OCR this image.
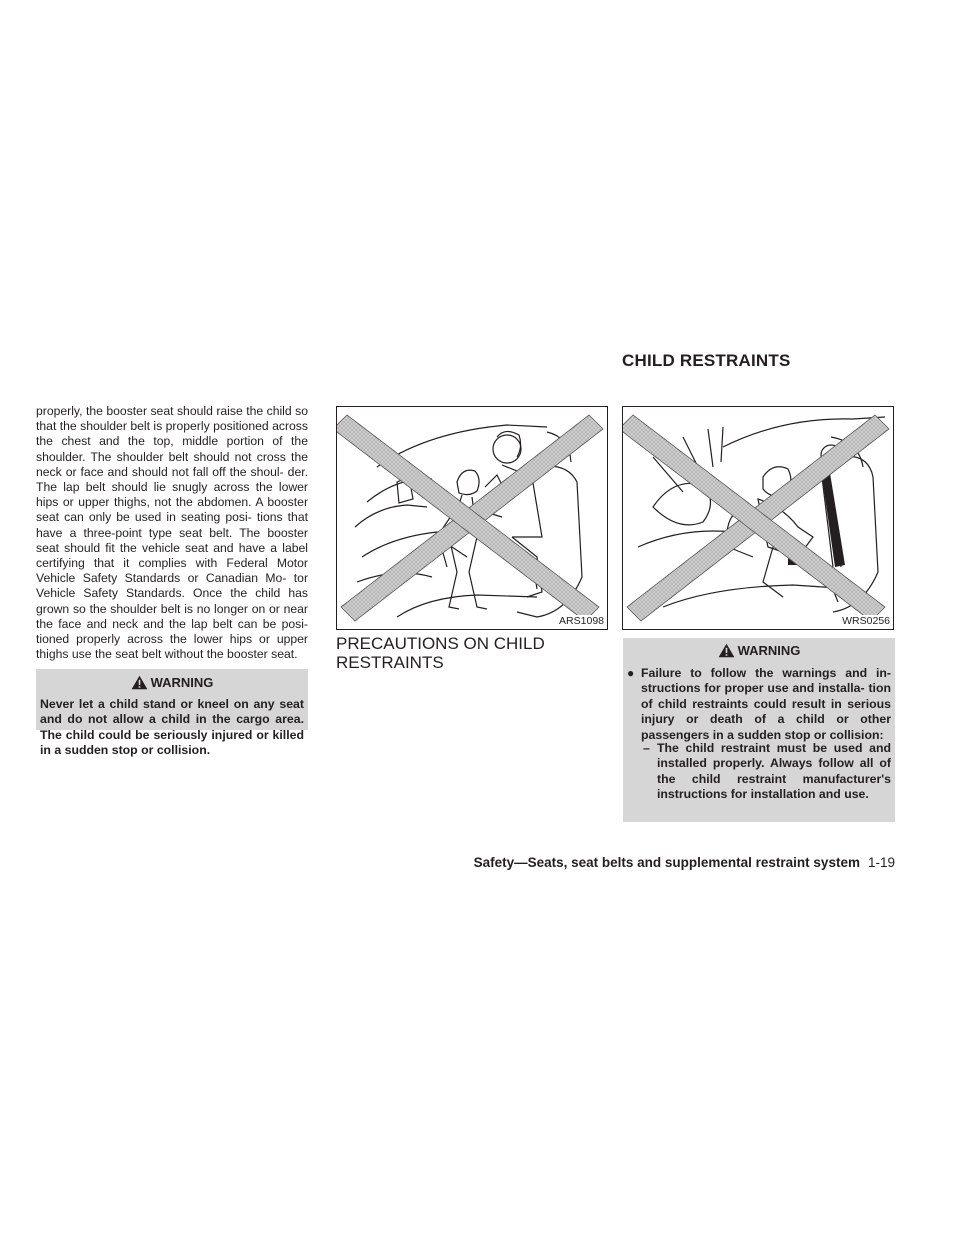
CHILD RESTRAINTS
properly, the booster seat should raise the child so that the shoulder belt is properly positioned across the chest and the top, middle portion of the shoulder. The shoulder belt should not cross the neck or face and should not fall off the shoul- der. The lap belt should lie snugly across the lower hips or upper thighs, not the abdomen. A booster seat can only be used in seating posi- tions that have a three-point type seat belt. The booster seat should fit the vehicle seat and have a label certifying that it complies with Federal Motor Vehicle Safety Standards or Canadian Mo- tor Vehicle Safety Standards. Once the child has grown so the shoulder belt is no longer on or near the face and neck and the lap belt can be posi- tioned properly across the lower hips or upper thighs use the seat belt without the booster seat.
WARNING
Never let a child stand or kneel on any seat and do not allow a child in the cargo area. The child could be seriously injured or killed in a sudden stop or collision.
ARS1098	WRS0256
PRECAUTIONS ON CHILD RESTRAINTS
WARNING
● Failure to follow the warnings and in- structions for proper use and installa- tion of child restraints could result in serious injury or death of a child or other passengers in a sudden stop or collision:
– The child restraint must be used and installed properly. Always follow all of the child restraint manufacturer's instructions for installation and use.
Safety—Seats, seat belts and supplemental restraint system 1-19
